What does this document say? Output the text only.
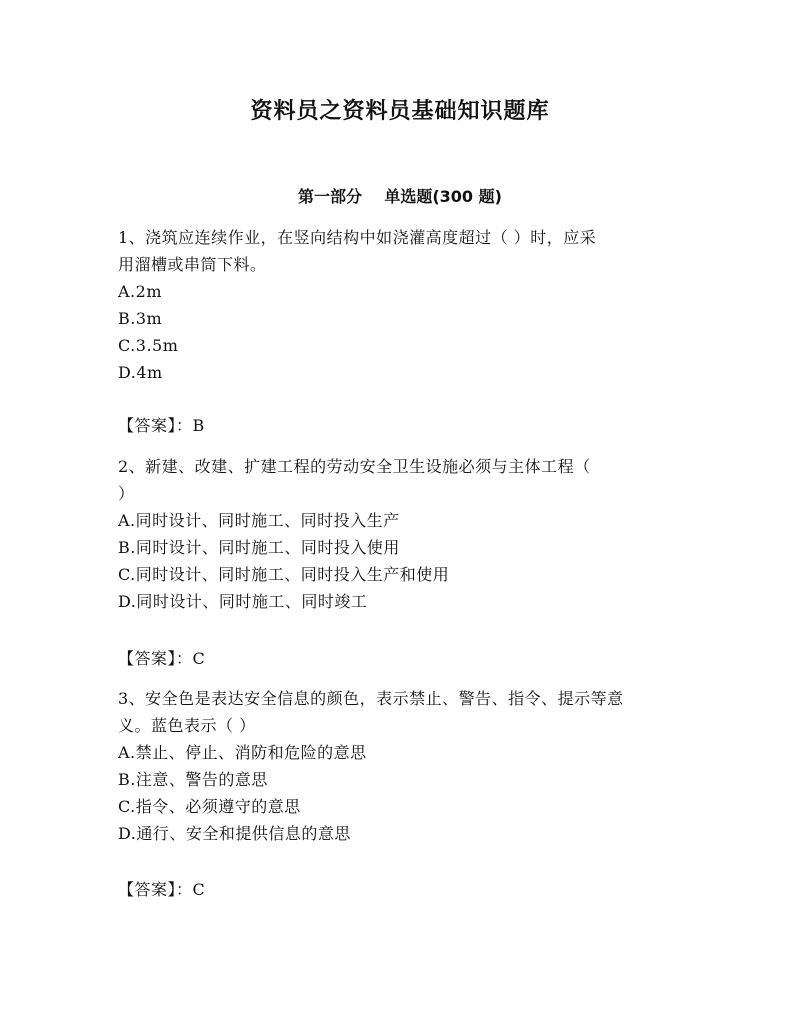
资料员之资料员基础知识题库
第一部分    单选题(300 题)
1、浇筑应连续作业，在竖向结构中如浇灌高度超过（ ）时，应采
用溜槽或串筒下料。
A.2m
B.3m
C.3.5m
D.4m
【答案】：B
2、新建、改建、扩建工程的劳动安全卫生设施必须与主体工程（
）
A.同时设计、同时施工、同时投入生产
B.同时设计、同时施工、同时投入使用
C.同时设计、同时施工、同时投入生产和使用
D.同时设计、同时施工、同时竣工
【答案】：C
3、安全色是表达安全信息的颜色，表示禁止、警告、指令、提示等意
义。蓝色表示（ ）
A.禁止、停止、消防和危险的意思
B.注意、警告的意思
C.指令、必须遵守的意思
D.通行、安全和提供信息的意思
【答案】：C
